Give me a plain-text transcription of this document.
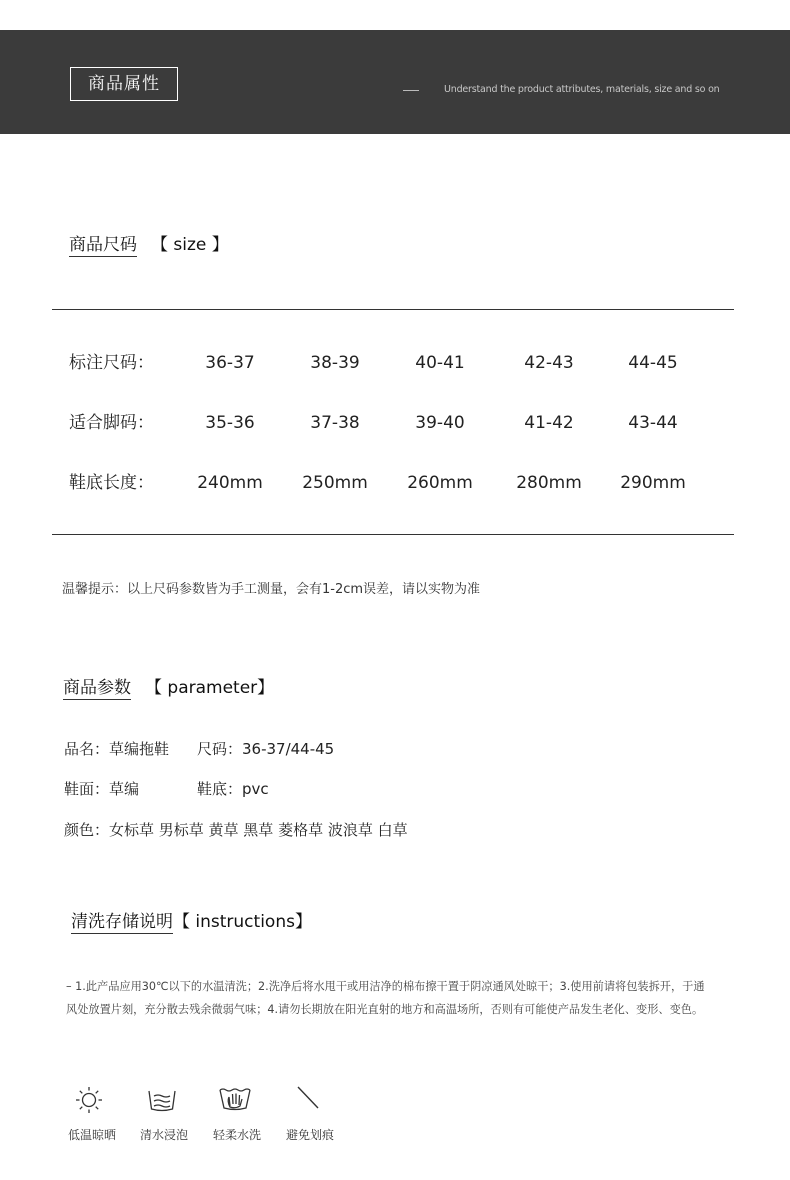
商品属性	Understand the product attributes, materials, size and so on
商品尺码 【 size 】
标注尺码：	36-37	38-39	40-41	42-43	44-45
适合脚码：	35-36	37-38	39-40	41-42	43-44
鞋底长度：	240mm	250mm	260mm	280mm	290mm
温馨提示：以上尺码参数皆为手工测量，会有1-2cm误差，请以实物为准
商品参数 【 parameter】
品名：草编拖鞋 尺码：36-37/44-45
鞋面：草编	鞋底：pvc
颜色：女标草 男标草 黄草 黑草 菱格草 波浪草 白草
清洗存储说明【 instructions】
– 1.此产品应用30℃以下的水温清洗；2.洗净后将水甩干或用洁净的棉布擦干置于阴凉通风处晾干；3.使用前请将包装拆开，于通风处放置片刻，充分散去残余微弱气味；4.请勿长期放在阳光直射的地方和高温场所，否则有可能使产品发生老化、变形、变色。
低温晾晒	清水浸泡	轻柔水洗	避免划痕
